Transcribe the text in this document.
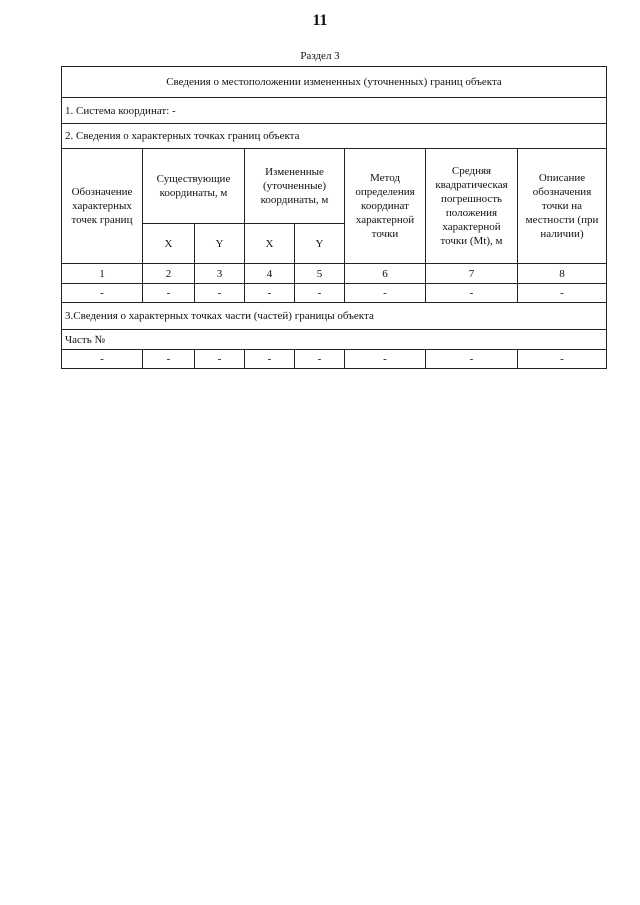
11
Раздел 3
Сведения о местоположении измененных (уточненных) границ объекта							
1. Система координат: -							
2. Сведения о характерных точках границ объекта							
Обозначение характерных точек границ	Существующие координаты, м		Измененные (уточненные) координаты, м		Метод определения координат характерной точки	Средняя квадратическая погрешность положения характерной точки (Mt), м	Описание обозначения точки на местности (при наличии)
	X	Y	X	Y			
1	2	3	4	5	6	7	8
-	-	-	-	-	-	-	-
3.Сведения о характерных точках части (частей) границы объекта							
Часть №							
-	-	-	-	-	-	-	-
